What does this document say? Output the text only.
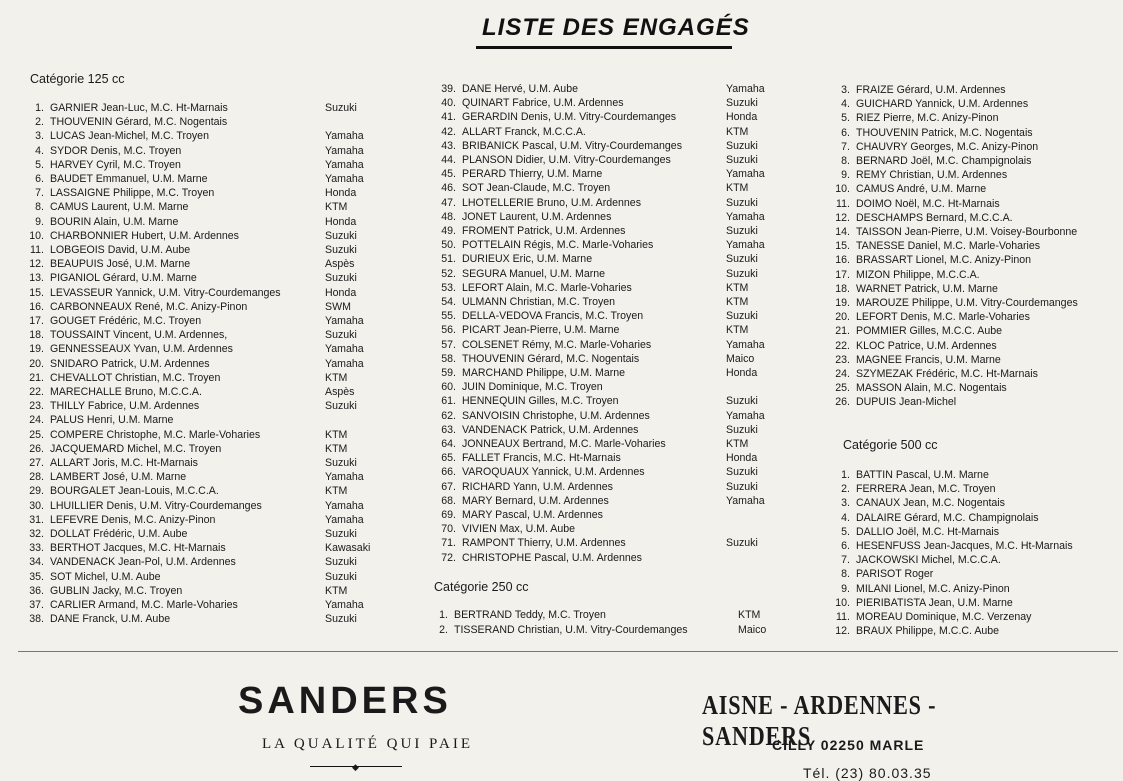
LISTE DES ENGAGÉS
Catégorie 125 cc
1. GARNIER Jean-Luc, M.C. Ht-Marnais	Suzuki
2. THOUVENIN Gérard, M.C. Nogentais
3. LUCAS Jean-Michel, M.C. Troyen	Yamaha
4. SYDOR Denis, M.C. Troyen	Yamaha
5. HARVEY Cyril, M.C. Troyen	Yamaha
6. BAUDET Emmanuel, U.M. Marne	Yamaha
7. LASSAIGNE Philippe, M.C. Troyen	Honda
8. CAMUS Laurent, U.M. Marne	KTM
9. BOURIN Alain, U.M. Marne	Honda
10. CHARBONNIER Hubert, U.M. Ardennes	Suzuki
11. LOBGEOIS David, U.M. Aube	Suzuki
12. BEAUPUIS José, U.M. Marne	Aspès
13. PIGANIOL Gérard, U.M. Marne	Suzuki
15. LEVASSEUR Yannick, U.M. Vitry-Courdemanges	Honda
16. CARBONNEAUX René, M.C. Anizy-Pinon	SWM
17. GOUGET Frédéric, M.C. Troyen	Yamaha
18. TOUSSAINT Vincent, U.M. Ardennes,	Suzuki
19. GENNESSEAUX Yvan, U.M. Ardennes	Yamaha
20. SNIDARO Patrick, U.M. Ardennes	Yamaha
21. CHEVALLOT Christian, M.C. Troyen	KTM
22. MARECHALLE Bruno, M.C.C.A.	Aspès
23. THILLY Fabrice, U.M. Ardennes	Suzuki
24. PALUS Henri, U.M. Marne
25. COMPERE Christophe, M.C. Marle-Voharies	KTM
26. JACQUEMARD Michel, M.C. Troyen	KTM
27. ALLART Joris, M.C. Ht-Marnais	Suzuki
28. LAMBERT José, U.M. Marne	Yamaha
29. BOURGALET Jean-Louis, M.C.C.A.	KTM
30. LHUILLIER Denis, U.M. Vitry-Courdemanges	Yamaha
31. LEFEVRE Denis, M.C. Anizy-Pinon	Yamaha
32. DOLLAT Frédéric, U.M. Aube	Suzuki
33. BERTHOT Jacques, M.C. Ht-Marnais	Kawasaki
34. VANDENACK Jean-Pol, U.M. Ardennes	Suzuki
35. SOT Michel, U.M. Aube	Suzuki
36. GUBLIN Jacky, M.C. Troyen	KTM
37. CARLIER Armand, M.C. Marle-Voharies	Yamaha
38. DANE Franck, U.M. Aube	Suzuki
39. DANE Hervé, U.M. Aube	Yamaha
40. QUINART Fabrice, U.M. Ardennes	Suzuki
41. GERARDIN Denis, U.M. Vitry-Courdemanges	Honda
42. ALLART Franck, M.C.C.A.	KTM
43. BRIBANICK Pascal, U.M. Vitry-Courdemanges	Suzuki
44. PLANSON Didier, U.M. Vitry-Courdemanges	Suzuki
45. PERARD Thierry, U.M. Marne	Yamaha
46. SOT Jean-Claude, M.C. Troyen	KTM
47. LHOTELLERIE Bruno, U.M. Ardennes	Suzuki
48. JONET Laurent, U.M. Ardennes	Yamaha
49. FROMENT Patrick, U.M. Ardennes	Suzuki
50. POTTELAIN Régis, M.C. Marle-Voharies	Yamaha
51. DURIEUX Eric, U.M. Marne	Suzuki
52. SEGURA Manuel, U.M. Marne	Suzuki
53. LEFORT Alain, M.C. Marle-Voharies	KTM
54. ULMANN Christian, M.C. Troyen	KTM
55. DELLA-VEDOVA Francis, M.C. Troyen	Suzuki
56. PICART Jean-Pierre, U.M. Marne	KTM
57. COLSENET Rémy, M.C. Marle-Voharies	Yamaha
58. THOUVENIN Gérard, M.C. Nogentais	Maico
59. MARCHAND Philippe, U.M. Marne	Honda
60. JUIN Dominique, M.C. Troyen
61. HENNEQUIN Gilles, M.C. Troyen	Suzuki
62. SANVOISIN Christophe, U.M. Ardennes	Yamaha
63. VANDENACK Patrick, U.M. Ardennes	Suzuki
64. JONNEAUX Bertrand, M.C. Marle-Voharies	KTM
65. FALLET Francis, M.C. Ht-Marnais	Honda
66. VAROQUAUX Yannick, U.M. Ardennes	Suzuki
67. RICHARD Yann, U.M. Ardennes	Suzuki
68. MARY Bernard, U.M. Ardennes	Yamaha
69. MARY Pascal, U.M. Ardennes
70. VIVIEN Max, U.M. Aube
71. RAMPONT Thierry, U.M. Ardennes	Suzuki
72. CHRISTOPHE Pascal, U.M. Ardennes
Catégorie 250 cc
1. BERTRAND Teddy, M.C. Troyen	KTM
2. TISSERAND Christian, U.M. Vitry-Courdemanges	Maico
3. FRAIZE Gérard, U.M. Ardennes
4. GUICHARD Yannick, U.M. Ardennes
5. RIEZ Pierre, M.C. Anizy-Pinon
6. THOUVENIN Patrick, M.C. Nogentais
7. CHAUVRY Georges, M.C. Anizy-Pinon
8. BERNARD Joël, M.C. Champignolais
9. REMY Christian, U.M. Ardennes
10. CAMUS André, U.M. Marne
11. DOIMO Noël, M.C. Ht-Marnais
12. DESCHAMPS Bernard, M.C.C.A.
14. TAISSON Jean-Pierre, U.M. Voisey-Bourbonne
15. TANESSE Daniel, M.C. Marle-Voharies
16. BRASSART Lionel, M.C. Anizy-Pinon
17. MIZON Philippe, M.C.C.A.
18. WARNET Patrick, U.M. Marne
19. MAROUZE Philippe, U.M. Vitry-Courdemanges
20. LEFORT Denis, M.C. Marle-Voharies
21. POMMIER Gilles, M.C.C. Aube
22. KLOC Patrice, U.M. Ardennes
23. MAGNEE Francis, U.M. Marne
24. SZYMEZAK Frédéric, M.C. Ht-Marnais
25. MASSON Alain, M.C. Nogentais
26. DUPUIS Jean-Michel
Catégorie 500 cc
1. BATTIN Pascal, U.M. Marne
2. FERRERA Jean, M.C. Troyen
3. CANAUX Jean, M.C. Nogentais
4. DALAIRE Gérard, M.C. Champignolais
5. DALLIO Joël, M.C. Ht-Marnais
6. HESENFUSS Jean-Jacques, M.C. Ht-Marnais
7. JACKOWSKI Michel, M.C.C.A.
8. PARISOT Roger
9. MILANI Lionel, M.C. Anizy-Pinon
10. PIERIBATISTA Jean, U.M. Marne
11. MOREAU Dominique, M.C. Verzenay
12. BRAUX Philippe, M.C.C. Aube
SANDERS
LA QUALITÉ QUI PAIE
◆
AISNE - ARDENNES - SANDERS
CILLY 02250 MARLE
Tél. (23) 80.03.35
